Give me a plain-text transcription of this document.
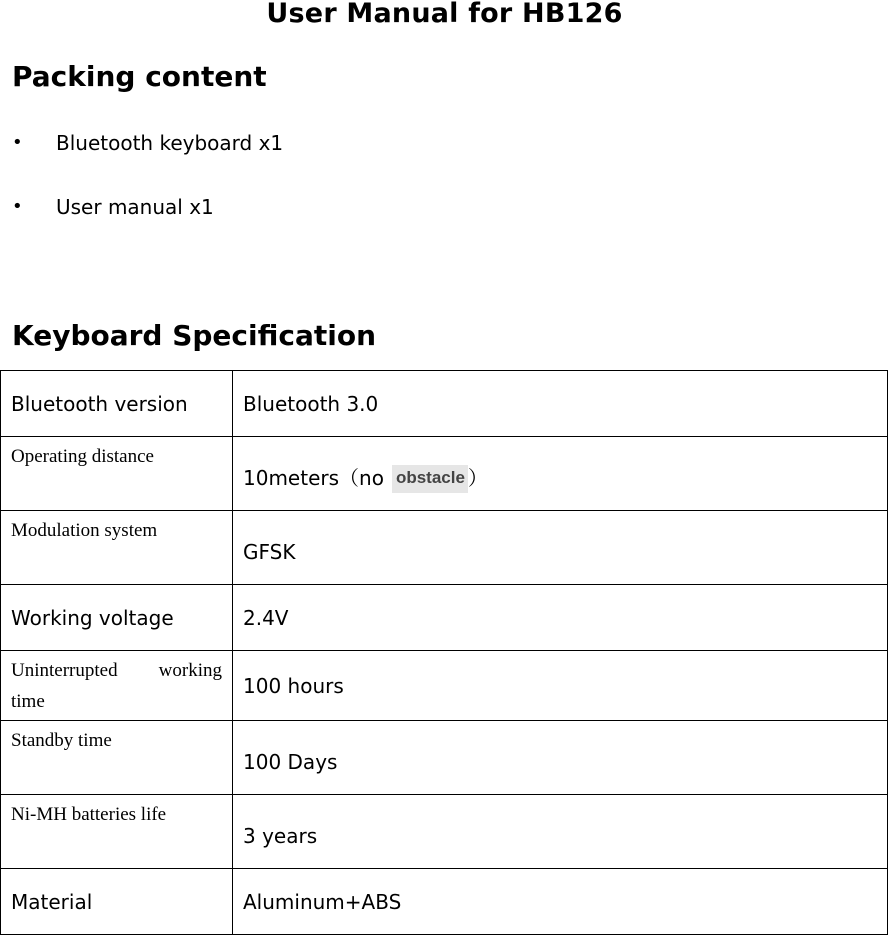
User Manual for HB126
Packing content
• Bluetooth keyboard x1
• User manual x1
Keyboard Specification
Bluetooth version	Bluetooth 3.0
Operating distance	10meters（no obstacle ）
Modulation system	GFSK
Working voltage	2.4V
Uninterrupted working time	100 hours
Standby time	100 Days
Ni-MH batteries life	3 years
Material	Aluminum+ABS
